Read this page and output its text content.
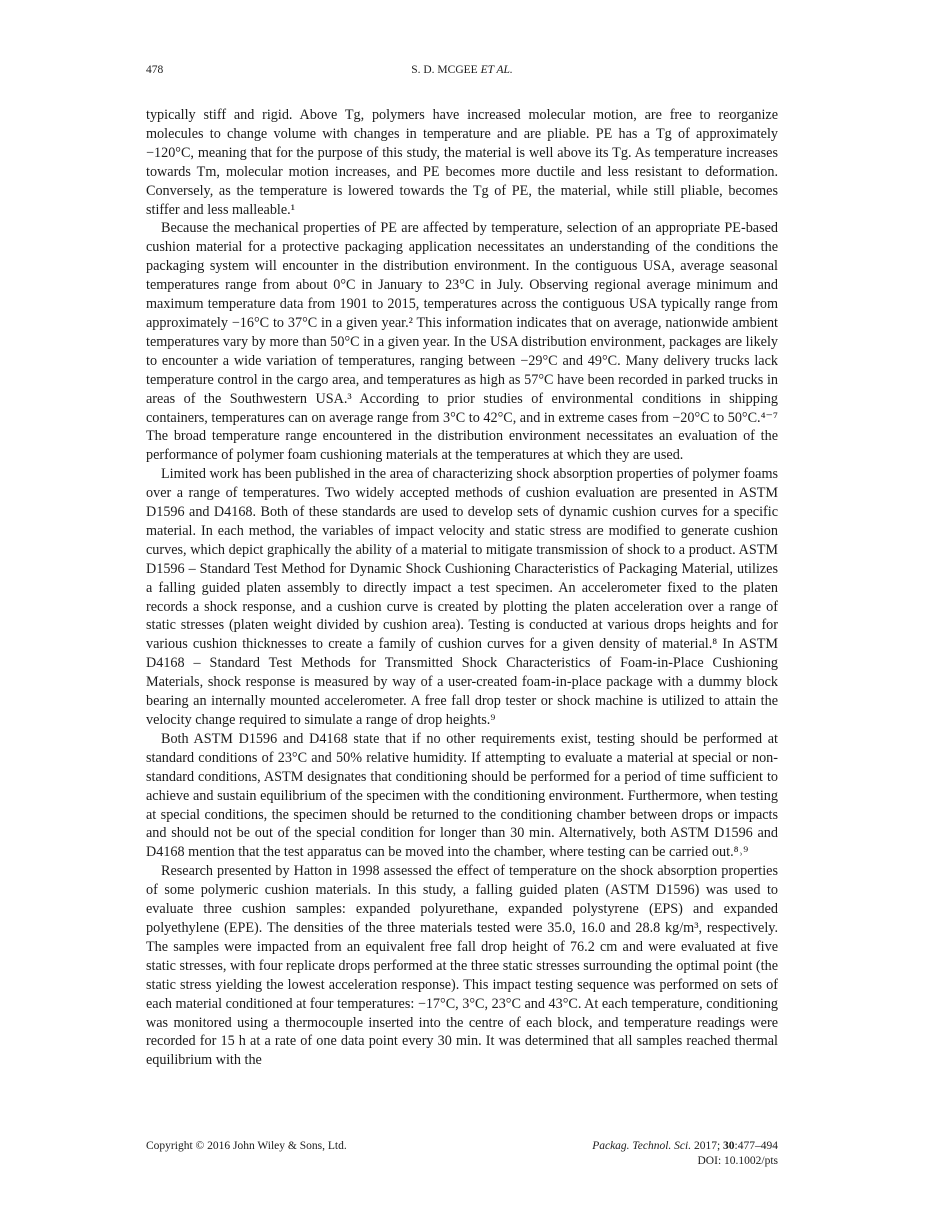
478	S. D. MCGEE ET AL.

typically stiff and rigid. Above Tg, polymers have increased molecular motion, are free to reorganize molecules to change volume with changes in temperature and are pliable. PE has a Tg of approximately −120°C, meaning that for the purpose of this study, the material is well above its Tg. As temperature increases towards Tm, molecular motion increases, and PE becomes more ductile and less resistant to deformation. Conversely, as the temperature is lowered towards the Tg of PE, the material, while still pliable, becomes stiffer and less malleable.¹

Because the mechanical properties of PE are affected by temperature, selection of an appropriate PE-based cushion material for a protective packaging application necessitates an understanding of the conditions the packaging system will encounter in the distribution environment. In the contiguous USA, average seasonal temperatures range from about 0°C in January to 23°C in July. Observing regional average minimum and maximum temperature data from 1901 to 2015, temperatures across the contiguous USA typically range from approximately −16°C to 37°C in a given year.² This information indicates that on average, nationwide ambient temperatures vary by more than 50°C in a given year. In the USA distribution environment, packages are likely to encounter a wide variation of temperatures, ranging between −29°C and 49°C. Many delivery trucks lack temperature control in the cargo area, and temperatures as high as 57°C have been recorded in parked trucks in areas of the Southwestern USA.³ According to prior studies of environmental conditions in shipping containers, temperatures can on average range from 3°C to 42°C, and in extreme cases from −20°C to 50°C.⁴⁻⁷ The broad temperature range encountered in the distribution environment necessitates an evaluation of the performance of polymer foam cushioning materials at the temperatures at which they are used.

Limited work has been published in the area of characterizing shock absorption properties of polymer foams over a range of temperatures. Two widely accepted methods of cushion evaluation are presented in ASTM D1596 and D4168. Both of these standards are used to develop sets of dynamic cushion curves for a specific material. In each method, the variables of impact velocity and static stress are modified to generate cushion curves, which depict graphically the ability of a material to mitigate transmission of shock to a product. ASTM D1596 – Standard Test Method for Dynamic Shock Cushioning Characteristics of Packaging Material, utilizes a falling guided platen assembly to directly impact a test specimen. An accelerometer fixed to the platen records a shock response, and a cushion curve is created by plotting the platen acceleration over a range of static stresses (platen weight divided by cushion area). Testing is conducted at various drops heights and for various cushion thicknesses to create a family of cushion curves for a given density of material.⁸ In ASTM D4168 – Standard Test Methods for Transmitted Shock Characteristics of Foam-in-Place Cushioning Materials, shock response is measured by way of a user-created foam-in-place package with a dummy block bearing an internally mounted accelerometer. A free fall drop tester or shock machine is utilized to attain the velocity change required to simulate a range of drop heights.⁹

Both ASTM D1596 and D4168 state that if no other requirements exist, testing should be performed at standard conditions of 23°C and 50% relative humidity. If attempting to evaluate a material at special or non-standard conditions, ASTM designates that conditioning should be performed for a period of time sufficient to achieve and sustain equilibrium of the specimen with the conditioning environment. Furthermore, when testing at special conditions, the specimen should be returned to the conditioning chamber between drops or impacts and should not be out of the special condition for longer than 30 min. Alternatively, both ASTM D1596 and D4168 mention that the test apparatus can be moved into the chamber, where testing can be carried out.⁸˒⁹

Research presented by Hatton in 1998 assessed the effect of temperature on the shock absorption properties of some polymeric cushion materials. In this study, a falling guided platen (ASTM D1596) was used to evaluate three cushion samples: expanded polyurethane, expanded polystyrene (EPS) and expanded polyethylene (EPE). The densities of the three materials tested were 35.0, 16.0 and 28.8 kg/m³, respectively. The samples were impacted from an equivalent free fall drop height of 76.2 cm and were evaluated at five static stresses, with four replicate drops performed at the three static stresses surrounding the optimal point (the static stress yielding the lowest acceleration response). This impact testing sequence was performed on sets of each material conditioned at four temperatures: −17°C, 3°C, 23°C and 43°C. At each temperature, conditioning was monitored using a thermocouple inserted into the centre of each block, and temperature readings were recorded for 15 h at a rate of one data point every 30 min. It was determined that all samples reached thermal equilibrium with the

Copyright © 2016 John Wiley & Sons, Ltd.	Packag. Technol. Sci. 2017; 30:477–494
DOI: 10.1002/pts
